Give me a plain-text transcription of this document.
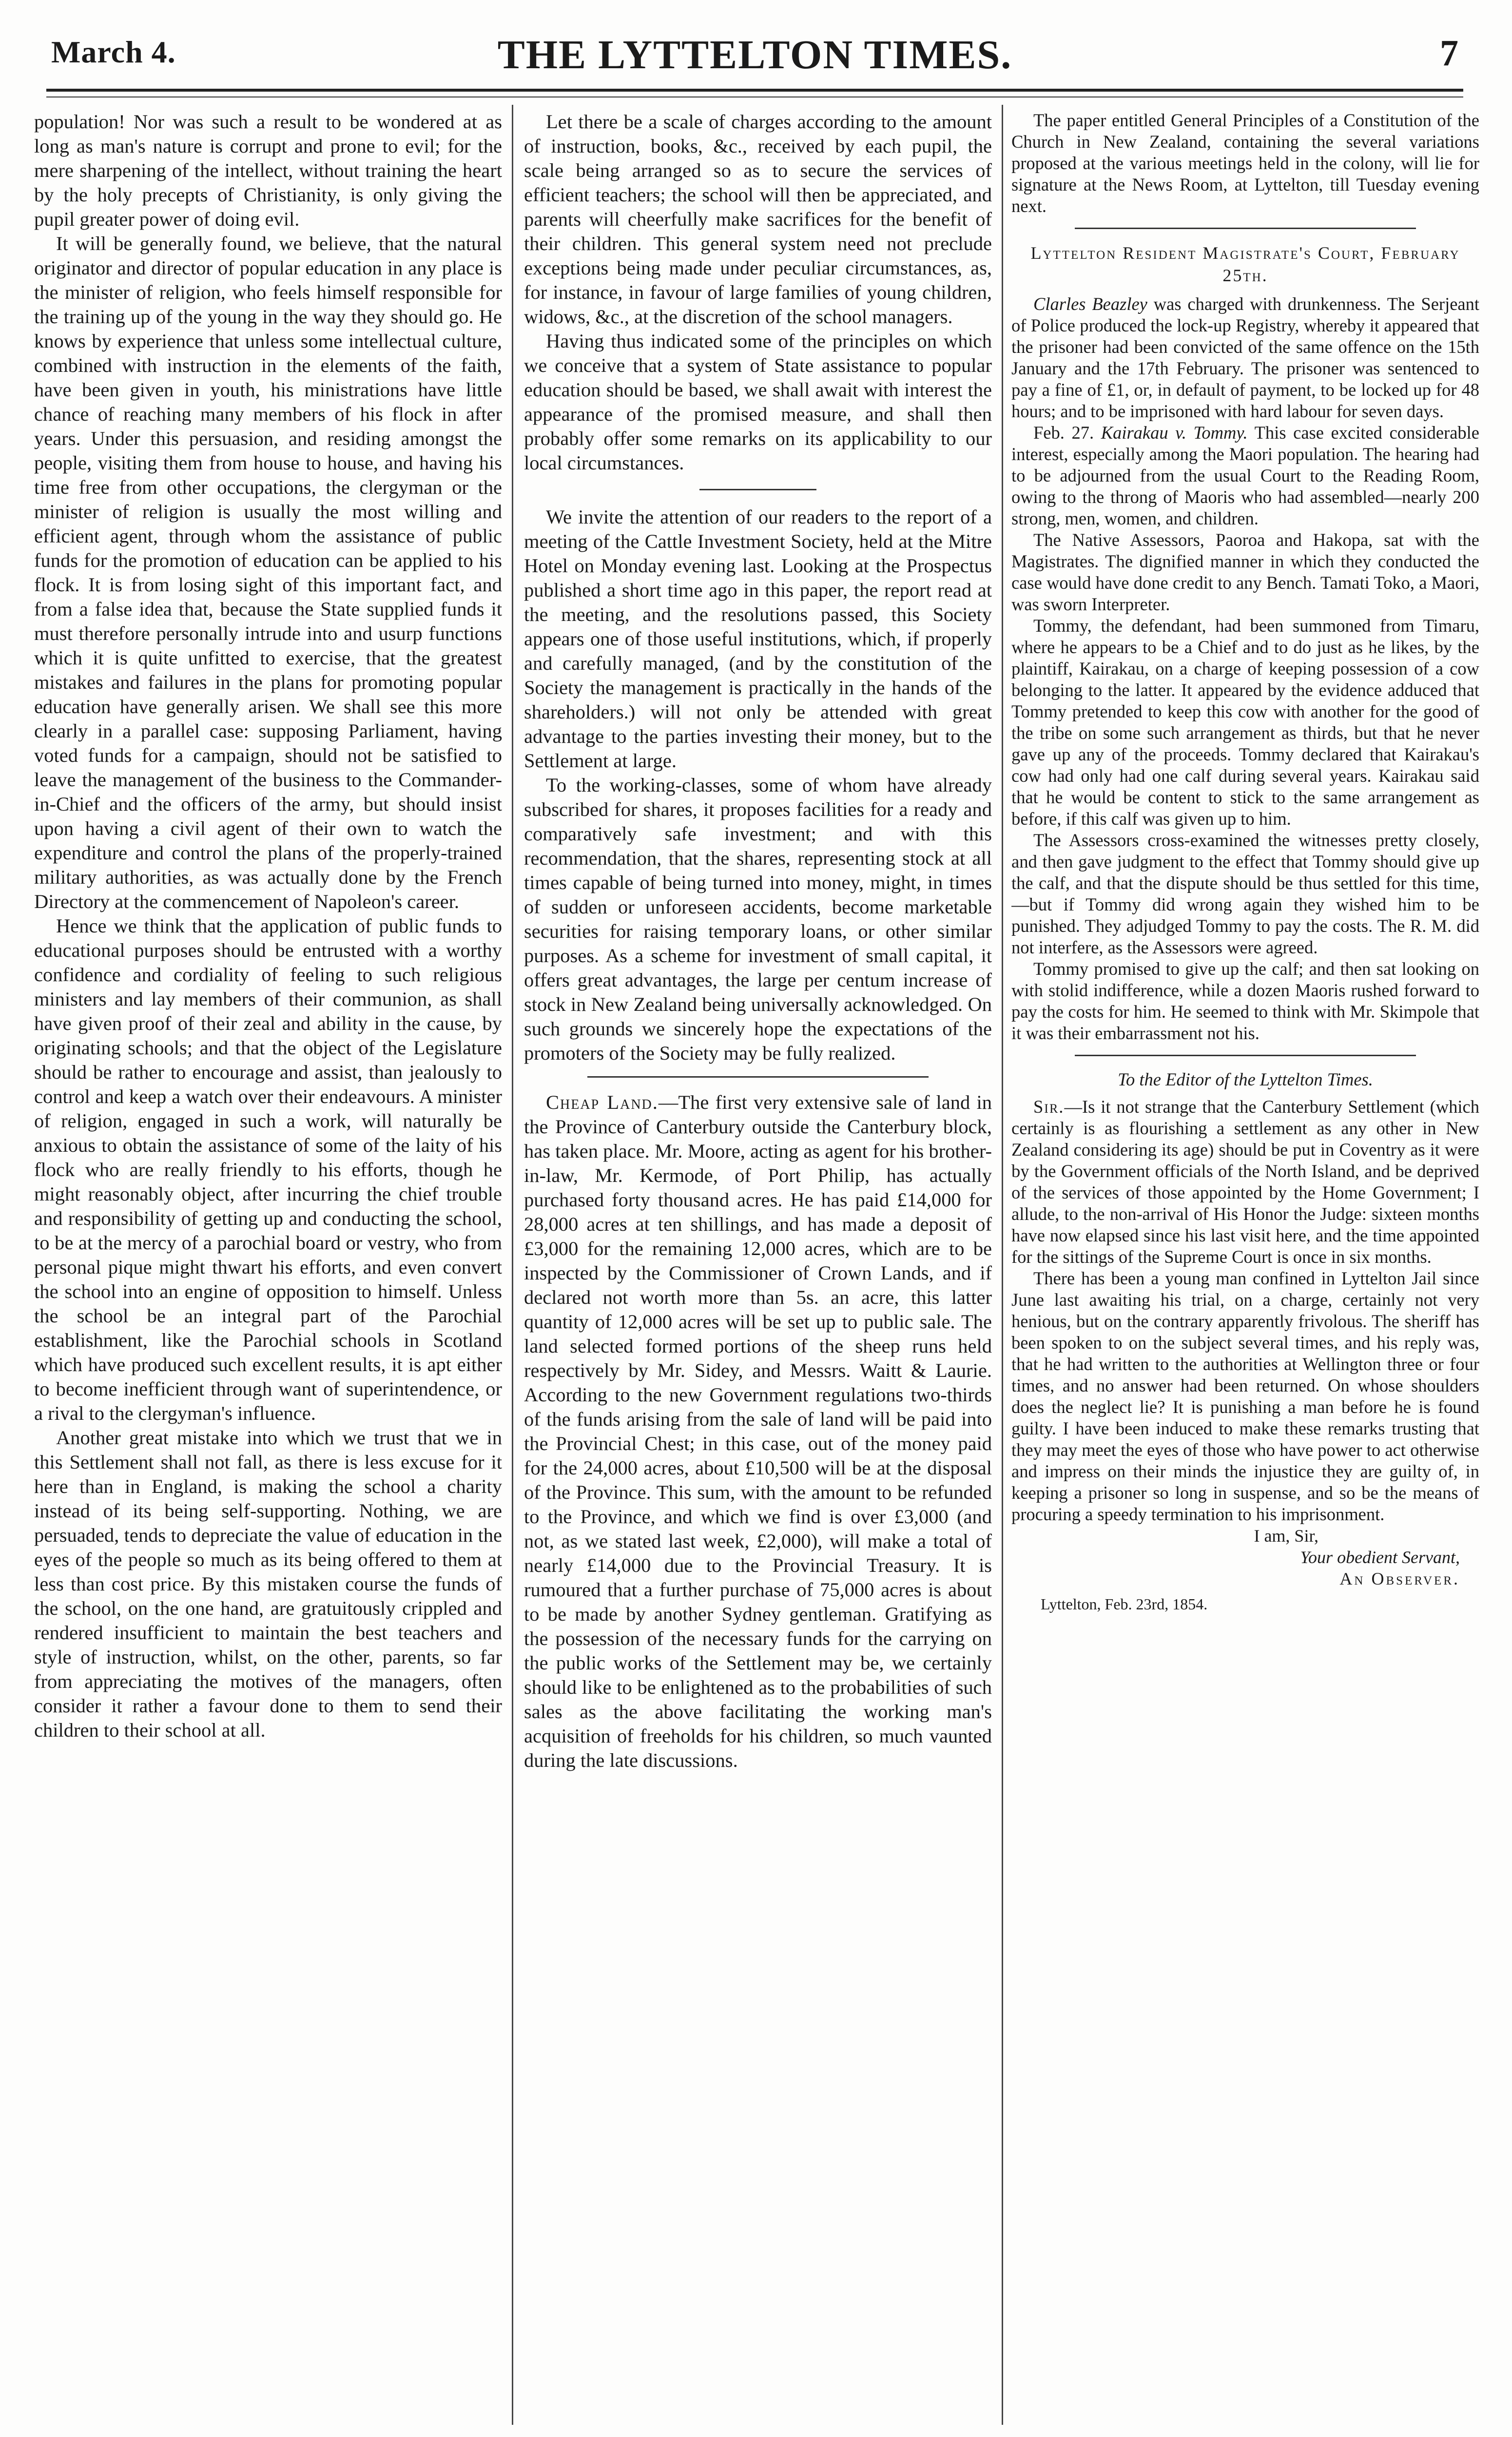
March 4.	THE LYTTELTON TIMES.	7

population! Nor was such a result to be wondered at as long as man's nature is corrupt and prone to evil; for the mere sharpening of the intellect, without training the heart by the holy precepts of Christianity, is only giving the pupil greater power of doing evil.

It will be generally found, we believe, that the natural originator and director of popular education in any place is the minister of religion, who feels himself responsible for the training up of the young in the way they should go. He knows by experience that unless some intellectual culture, combined with instruction in the elements of the faith, have been given in youth, his ministrations have little chance of reaching many members of his flock in after years. Under this persuasion, and residing amongst the people, visiting them from house to house, and having his time free from other occupations, the clergyman or the minister of religion is usually the most willing and efficient agent, through whom the assistance of public funds for the promotion of education can be applied to his flock. It is from losing sight of this important fact, and from a false idea that, because the State supplied funds it must therefore personally intrude into and usurp functions which it is quite unfitted to exercise, that the greatest mistakes and failures in the plans for promoting popular education have generally arisen. We shall see this more clearly in a parallel case: supposing Parliament, having voted funds for a campaign, should not be satisfied to leave the management of the business to the Commander-in-Chief and the officers of the army, but should insist upon having a civil agent of their own to watch the expenditure and control the plans of the properly-trained military authorities, as was actually done by the French Directory at the commencement of Napoleon's career.

Hence we think that the application of public funds to educational purposes should be entrusted with a worthy confidence and cordiality of feeling to such religious ministers and lay members of their communion, as shall have given proof of their zeal and ability in the cause, by originating schools; and that the object of the Legislature should be rather to encourage and assist, than jealously to control and keep a watch over their endeavours. A minister of religion, engaged in such a work, will naturally be anxious to obtain the assistance of some of the laity of his flock who are really friendly to his efforts, though he might reasonably object, after incurring the chief trouble and responsibility of getting up and conducting the school, to be at the mercy of a parochial board or vestry, who from personal pique might thwart his efforts, and even convert the school into an engine of opposition to himself. Unless the school be an integral part of the Parochial establishment, like the Parochial schools in Scotland which have produced such excellent results, it is apt either to become inefficient through want of superintendence, or a rival to the clergyman's influence.

Another great mistake into which we trust that we in this Settlement shall not fall, as there is less excuse for it here than in England, is making the school a charity instead of its being self-supporting. Nothing, we are persuaded, tends to depreciate the value of education in the eyes of the people so much as its being offered to them at less than cost price. By this mistaken course the funds of the school, on the one hand, are gratuitously crippled and rendered insufficient to maintain the best teachers and style of instruction, whilst, on the other, parents, so far from appreciating the motives of the managers, often consider it rather a favour done to them to send their children to their school at all.

Let there be a scale of charges according to the amount of instruction, books, &c., received by each pupil, the scale being arranged so as to secure the services of efficient teachers; the school will then be appreciated, and parents will cheerfully make sacrifices for the benefit of their children. This general system need not preclude exceptions being made under peculiar circumstances, as, for instance, in favour of large families of young children, widows, &c., at the discretion of the school managers.

Having thus indicated some of the principles on which we conceive that a system of State assistance to popular education should be based, we shall await with interest the appearance of the promised measure, and shall then probably offer some remarks on its applicability to our local circumstances.

We invite the attention of our readers to the report of a meeting of the Cattle Investment Society, held at the Mitre Hotel on Monday evening last. Looking at the Prospectus published a short time ago in this paper, the report read at the meeting, and the resolutions passed, this Society appears one of those useful institutions, which, if properly and carefully managed, (and by the constitution of the Society the management is practically in the hands of the shareholders.) will not only be attended with great advantage to the parties investing their money, but to the Settlement at large.

To the working-classes, some of whom have already subscribed for shares, it proposes facilities for a ready and comparatively safe investment; and with this recommendation, that the shares, representing stock at all times capable of being turned into money, might, in times of sudden or unforeseen accidents, become marketable securities for raising temporary loans, or other similar purposes. As a scheme for investment of small capital, it offers great advantages, the large per centum increase of stock in New Zealand being universally acknowledged. On such grounds we sincerely hope the expectations of the promoters of the Society may be fully realized.

Cheap Land.—The first very extensive sale of land in the Province of Canterbury outside the Canterbury block, has taken place. Mr. Moore, acting as agent for his brother-in-law, Mr. Kermode, of Port Philip, has actually purchased forty thousand acres. He has paid £14,000 for 28,000 acres at ten shillings, and has made a deposit of £3,000 for the remaining 12,000 acres, which are to be inspected by the Commissioner of Crown Lands, and if declared not worth more than 5s. an acre, this latter quantity of 12,000 acres will be set up to public sale. The land selected formed portions of the sheep runs held respectively by Mr. Sidey, and Messrs. Waitt & Laurie. According to the new Government regulations two-thirds of the funds arising from the sale of land will be paid into the Provincial Chest; in this case, out of the money paid for the 24,000 acres, about £10,500 will be at the disposal of the Province. This sum, with the amount to be refunded to the Province, and which we find is over £3,000 (and not, as we stated last week, £2,000), will make a total of nearly £14,000 due to the Provincial Treasury. It is rumoured that a further purchase of 75,000 acres is about to be made by another Sydney gentleman. Gratifying as the possession of the necessary funds for the carrying on the public works of the Settlement may be, we certainly should like to be enlightened as to the probabilities of such sales as the above facilitating the working man's acquisition of freeholds for his children, so much vaunted during the late discussions.

The paper entitled General Principles of a Constitution of the Church in New Zealand, containing the several variations proposed at the various meetings held in the colony, will lie for signature at the News Room, at Lyttelton, till Tuesday evening next.

Lyttelton Resident Magistrate's Court, February 25th.

Clarles Beazley was charged with drunkenness. The Serjeant of Police produced the lock-up Registry, whereby it appeared that the prisoner had been convicted of the same offence on the 15th January and the 17th February. The prisoner was sentenced to pay a fine of £1, or, in default of payment, to be locked up for 48 hours; and to be imprisoned with hard labour for seven days.

Feb. 27. Kairakau v. Tommy. This case excited considerable interest, especially among the Maori population. The hearing had to be adjourned from the usual Court to the Reading Room, owing to the throng of Maoris who had assembled—nearly 200 strong, men, women, and children.

The Native Assessors, Paoroa and Hakopa, sat with the Magistrates. The dignified manner in which they conducted the case would have done credit to any Bench. Tamati Toko, a Maori, was sworn Interpreter.

Tommy, the defendant, had been summoned from Timaru, where he appears to be a Chief and to do just as he likes, by the plaintiff, Kairakau, on a charge of keeping possession of a cow belonging to the latter. It appeared by the evidence adduced that Tommy pretended to keep this cow with another for the good of the tribe on some such arrangement as thirds, but that he never gave up any of the proceeds. Tommy declared that Kairakau's cow had only had one calf during several years. Kairakau said that he would be content to stick to the same arrangement as before, if this calf was given up to him.

The Assessors cross-examined the witnesses pretty closely, and then gave judgment to the effect that Tommy should give up the calf, and that the dispute should be thus settled for this time,—but if Tommy did wrong again they wished him to be punished. They adjudged Tommy to pay the costs. The R. M. did not interfere, as the Assessors were agreed.

Tommy promised to give up the calf; and then sat looking on with stolid indifference, while a dozen Maoris rushed forward to pay the costs for him. He seemed to think with Mr. Skimpole that it was their embarrassment not his.

To the Editor of the Lyttelton Times.

Sir.—Is it not strange that the Canterbury Settlement (which certainly is as flourishing a settlement as any other in New Zealand considering its age) should be put in Coventry as it were by the Government officials of the North Island, and be deprived of the services of those appointed by the Home Government; I allude, to the non-arrival of His Honor the Judge: sixteen months have now elapsed since his last visit here, and the time appointed for the sittings of the Supreme Court is once in six months.

There has been a young man confined in Lyttelton Jail since June last awaiting his trial, on a charge, certainly not very henious, but on the contrary apparently frivolous. The sheriff has been spoken to on the subject several times, and his reply was, that he had written to the authorities at Wellington three or four times, and no answer had been returned. On whose shoulders does the neglect lie? It is punishing a man before he is found guilty. I have been induced to make these remarks trusting that they may meet the eyes of those who have power to act otherwise and impress on their minds the injustice they are guilty of, in keeping a prisoner so long in suspense, and so be the means of procuring a speedy termination to his imprisonment.

I am, Sir,
Your obedient Servant,
An Observer.
Lyttelton, Feb. 23rd, 1854.
